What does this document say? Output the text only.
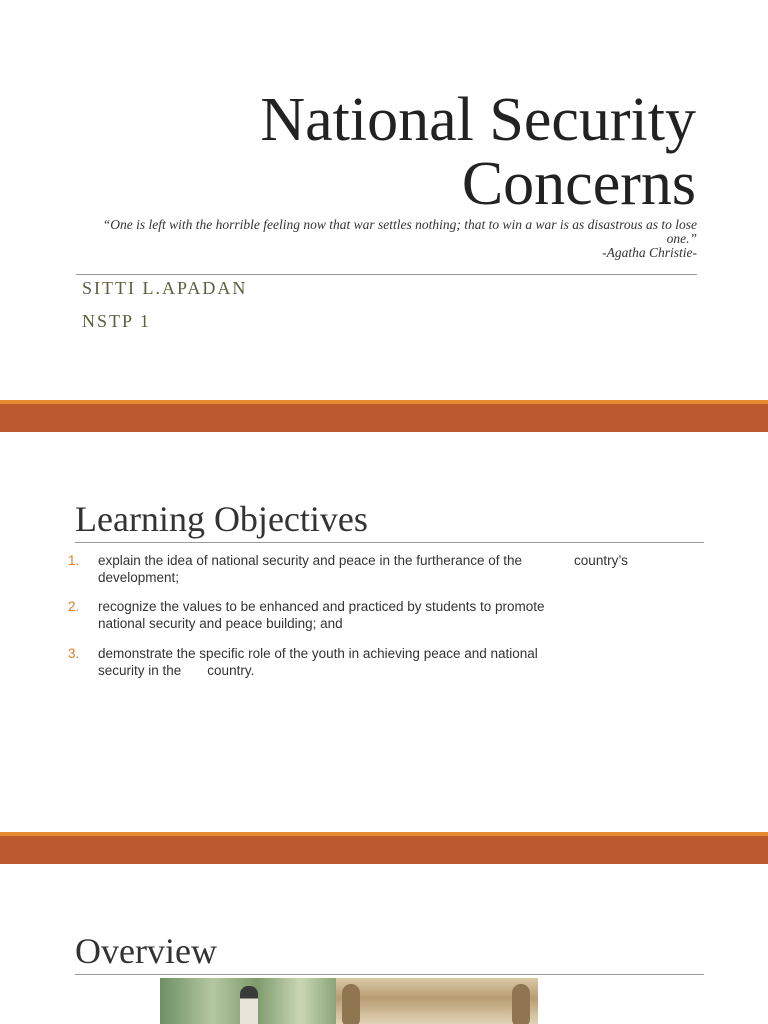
National Security
Concerns
“One is left with the horrible feeling now that war settles nothing; that to win a war is as disastrous as to lose one.”
-Agatha Christie-
SITTI L.APADAN
NSTP 1
Learning Objectives
1. explain the idea of national security and peace in the furtherance of the	country’s
development;
2. recognize the values to be enhanced and practiced by students to promote
national security and peace building; and
3. demonstrate the specific role of the youth in achieving peace and national
security in the country.
Overview
